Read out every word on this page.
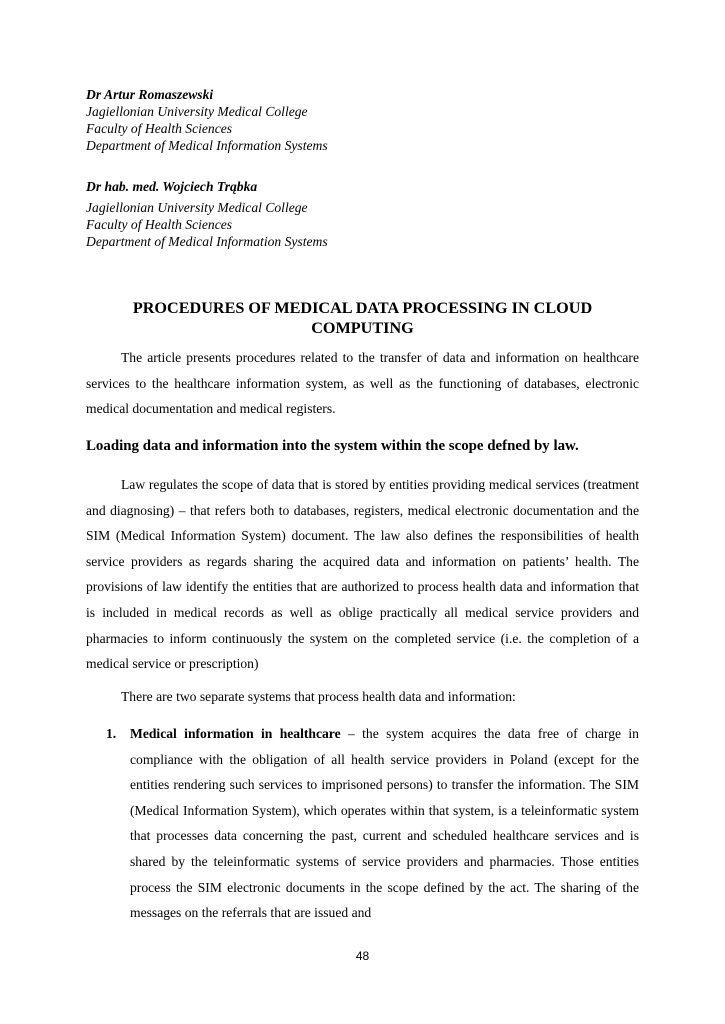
Dr Artur Romaszewski
Jagiellonian University Medical College
Faculty of Health Sciences
Department of Medical Information Systems
Dr hab. med. Wojciech Trąbka
Jagiellonian University Medical College
Faculty of Health Sciences
Department of Medical Information Systems
PROCEDURES OF MEDICAL DATA PROCESSING IN CLOUD COMPUTING
The article presents procedures related to the transfer of data and information on healthcare services to the healthcare information system, as well as the functioning of databases, electronic medical documentation and medical registers.
Loading data and information into the system within the scope defned by law.
Law regulates the scope of data that is stored by entities providing medical services (treatment and diagnosing) – that refers both to databases, registers, medical electronic documentation and the SIM (Medical Information System) document. The law also defines the responsibilities of health service providers as regards sharing the acquired data and information on patients’ health. The provisions of law identify the entities that are authorized to process health data and information that is included in medical records as well as oblige practically all medical service providers and pharmacies to inform continuously the system on the completed service (i.e. the completion of a medical service or prescription)
There are two separate systems that process health data and information:
1. Medical information in healthcare – the system acquires the data free of charge in compliance with the obligation of all health service providers in Poland (except for the entities rendering such services to imprisoned persons) to transfer the information. The SIM (Medical Information System), which operates within that system, is a teleinformatic system that processes data concerning the past, current and scheduled healthcare services and is shared by the teleinformatic systems of service providers and pharmacies. Those entities process the SIM electronic documents in the scope defined by the act. The sharing of the messages on the referrals that are issued and
48
